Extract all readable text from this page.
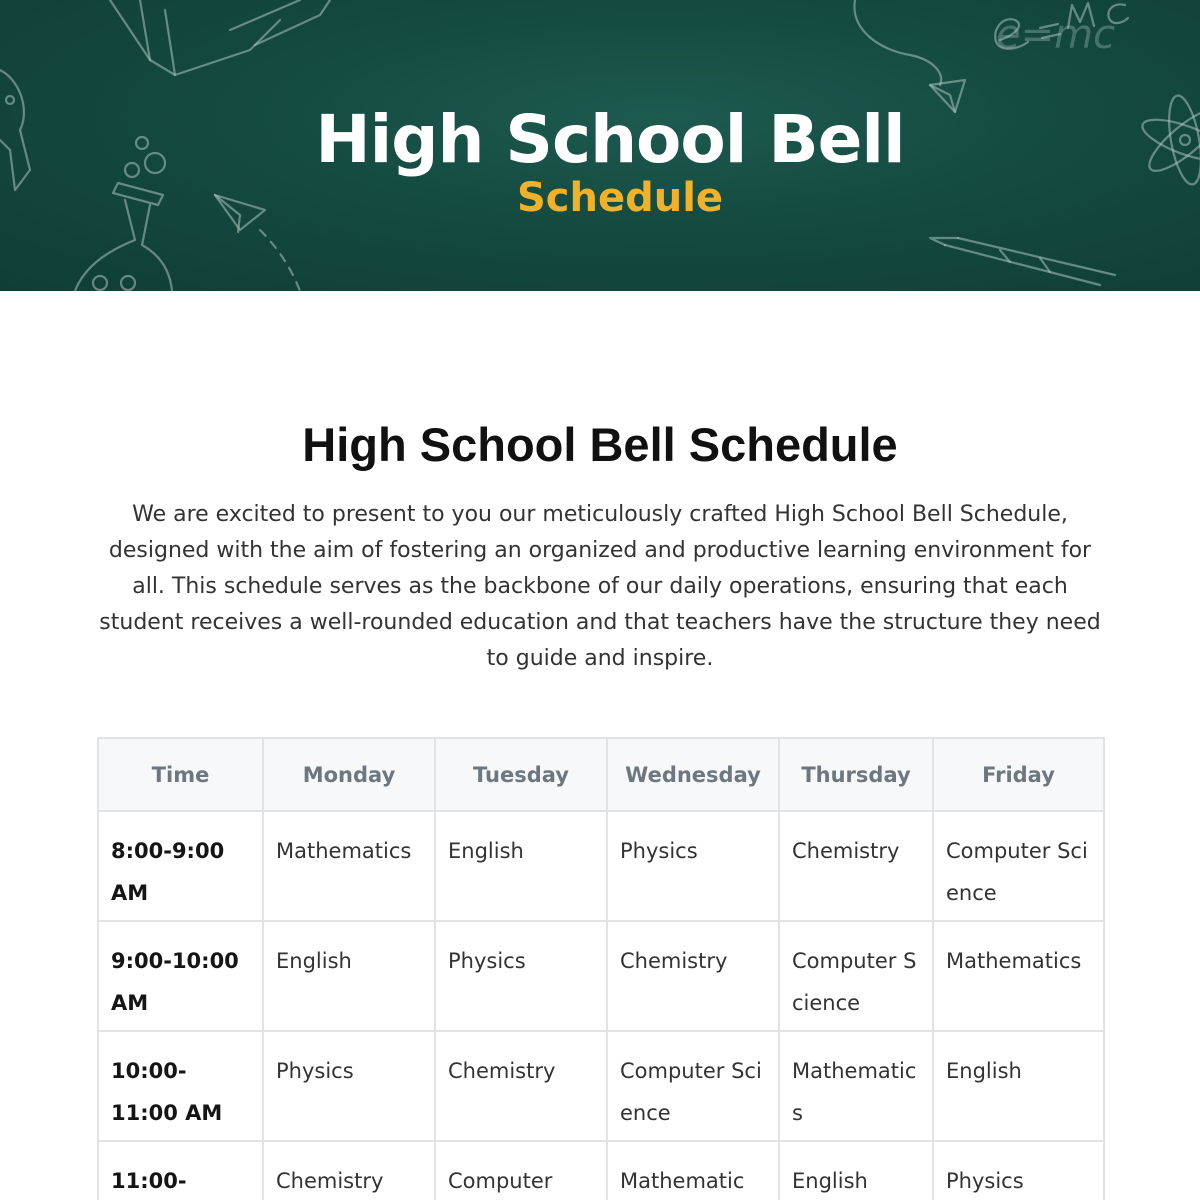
e=mc
High School Bell
Schedule
High School Bell Schedule

We are excited to present to you our meticulously crafted High School Bell Schedule, designed with the aim of fostering an organized and productive learning environment for all. This schedule serves as the backbone of our daily operations, ensuring that each student receives a well-rounded education and that teachers have the structure they need to guide and inspire.

Time	Monday	Tuesday	Wednesday	Thursday	Friday
8:00-9:00 AM	Mathematics	English	Physics	Chemistry	Computer Science
9:00-10:00 AM	English	Physics	Chemistry	Computer Science	Mathematics
10:00-11:00 AM	Physics	Chemistry	Computer Science	Mathematics	English
11:00-	Chemistry	Computer	Mathematic	English	Physics
